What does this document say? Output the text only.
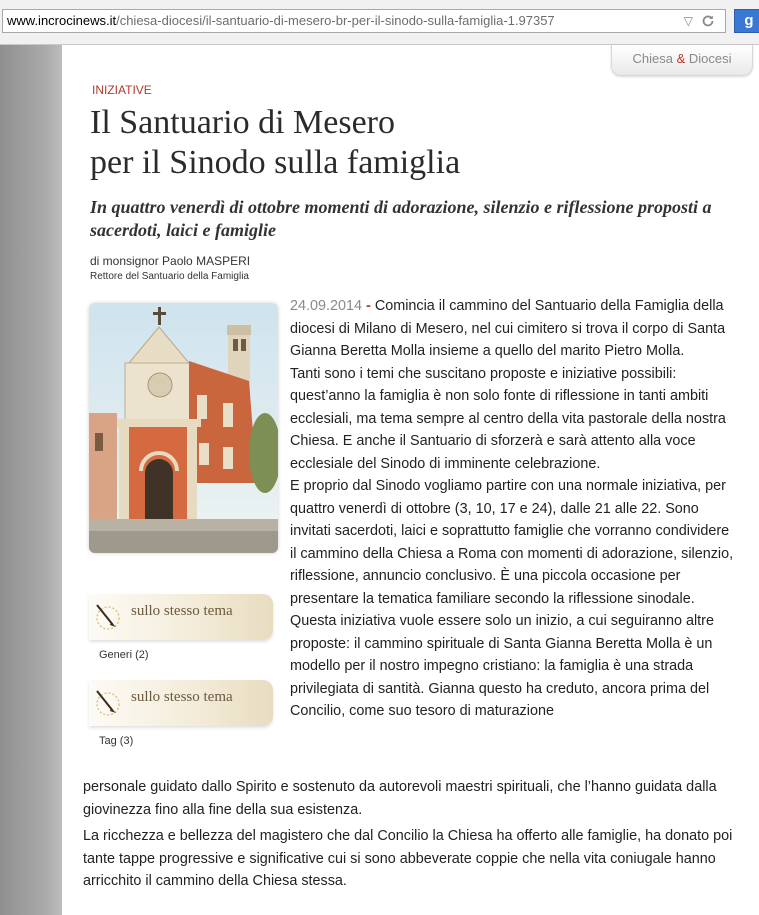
www.incrocinews.it/chiesa-diocesi/il-santuario-di-mesero-br-per-il-sinodo-sulla-famiglia-1.97357	▽	g
Chiesa & Diocesi
INIZIATIVE
Il Santuario di Mesero
per il Sinodo sulla famiglia
In quattro venerdì di ottobre momenti di adorazione, silenzio e riflessione proposti a sacerdoti, laici e famiglie
di monsignor Paolo MASPERI
Rettore del Santuario della Famiglia
sullo stesso tema
Generi (2)
sullo stesso tema
Tag (3)

24.09.2014 - Comincia il cammino del Santuario della Famiglia della diocesi di Milano di Mesero, nel cui cimitero si trova il corpo di Santa Gianna Beretta Molla insieme a quello del marito Pietro Molla.

Tanti sono i temi che suscitano proposte e iniziative possibili: quest’anno la famiglia è non solo fonte di riflessione in tanti ambiti ecclesiali, ma tema sempre al centro della vita pastorale della nostra Chiesa. E anche il Santuario di sforzerà e sarà attento alla voce ecclesiale del Sinodo di imminente celebrazione.

E proprio dal Sinodo vogliamo partire con una normale iniziativa, per quattro venerdì di ottobre (3, 10, 17 e 24), dalle 21 alle 22. Sono invitati sacerdoti, laici e soprattutto famiglie che vorranno condividere il cammino della Chiesa a Roma con momenti di adorazione, silenzio, riflessione, annuncio conclusivo. È una piccola occasione per presentare la tematica familiare secondo la riflessione sinodale.

Questa iniziativa vuole essere solo un inizio, a cui seguiranno altre proposte: il cammino spirituale di Santa Gianna Beretta Molla è un modello per il nostro impegno cristiano: la famiglia è una strada privilegiata di santità. Gianna questo ha creduto, ancora prima del Concilio, come suo tesoro di maturazione

personale guidato dallo Spirito e sostenuto da autorevoli maestri spirituali, che l’hanno guidata dalla giovinezza fino alla fine della sua esistenza.

La ricchezza e bellezza del magistero che dal Concilio la Chiesa ha offerto alle famiglie, ha donato poi tante tappe progressive e significative cui si sono abbeverate coppie che nella vita coniugale hanno arricchito il cammino della Chiesa stessa.
